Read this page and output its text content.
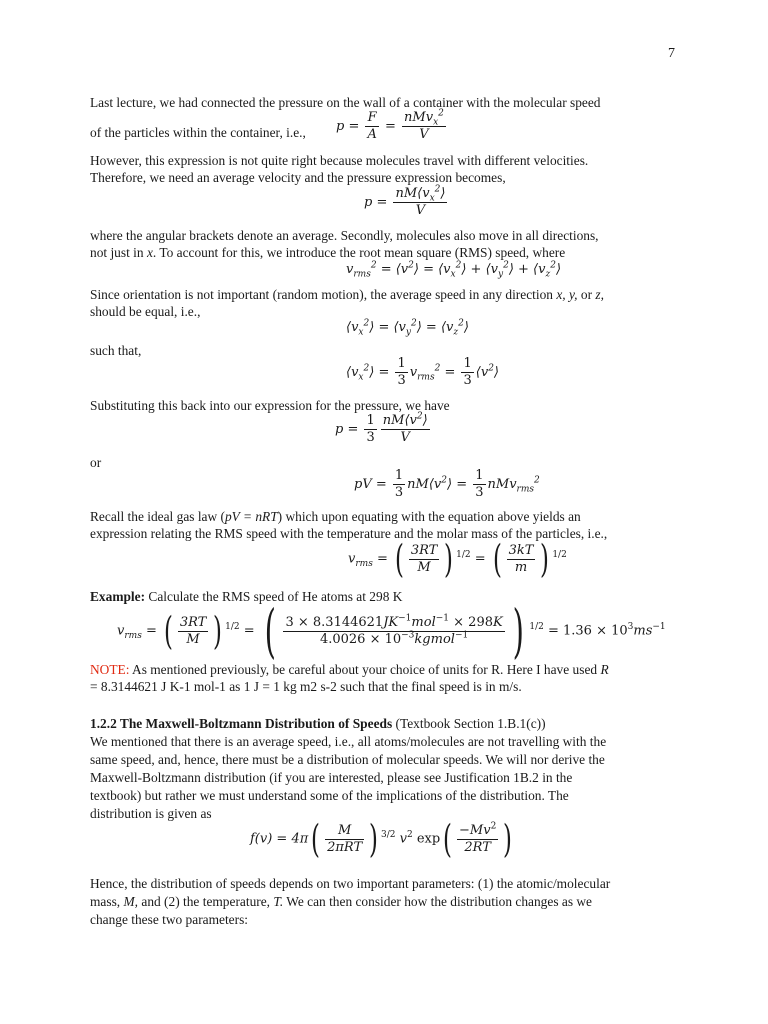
7
Last lecture, we had connected the pressure on the wall of a container with the molecular speed
of the particles within the container, i.e., $p = \frac{F}{A} = \frac{nMv_x^2}{V}$
However, this expression is not quite right because molecules travel with different velocities.
Therefore, we need an average velocity and the pressure expression becomes,
$p = \frac{nM⟨v_x^2⟩}{V}$
where the angular brackets denote an average. Secondly, molecules also move in all directions,
not just in x. To account for this, we introduce the root mean square (RMS) speed, where
$v_{rms}^2$ = $⟨v^2⟩$ = $⟨v_x^2⟩$ + $⟨v_y^2⟩$ + $⟨v_z^2⟩$
Since orientation is not important (random motion), the average speed in any direction x, y, or z,
should be equal, i.e.,
$⟨v_x^2⟩$ = $⟨v_y^2⟩$ = $⟨v_z^2⟩$
such that,
$⟨v_x^2⟩ = \frac{1}{3} v_{rms}^2 = \frac{1}{3}$ $⟨v^2⟩$
Substituting this back into our expression for the pressure, we have
$p = \frac{1}{3} \frac{nM⟨v^2⟩}{V}$
or
pV = $\frac{1}{3}$ $nM⟨v^2⟩ = \frac{1}{3} nMv_{rms}^2$
Recall the ideal gas law (pV = nRT) which upon equating with the equation above yields an
expression relating the RMS speed with the temperature and the molar mass of the particles, i.e.,
$v_{rms}$ = ( $\frac{3RT}{M}$ ) $^{1/2}$ = ( $\frac{3kT}{m}$ ) $^{1/2}$
Example: Calculate the RMS speed of He atoms at 298 K
$v_{rms}$ = ( $\frac{3RT}{M}$ ) $^{1/2}$ = ( $\frac{3 \times 8.3144621JK^{-1}mol^{-1} \times 298K}{4.0026 \times 10^{-3}kgmol^{-1}}$ ) $^{1/2} = 1.36 \times 10^3ms^{-1}$
NOTE: As mentioned previously, be careful about your choice of units for R. Here I have used R
= 8.3144621 J K-1 mol-1 as 1 J = 1 kg m2 s-2 such that the final speed is in m/s.
1.2.2 The Maxwell-Boltzmann Distribution of Speeds (Textbook Section 1.B.1(c))
We mentioned that there is an average speed, i.e., all atoms/molecules are not travelling with the
same speed, and, hence, there must be a distribution of molecular speeds. We will nor derive the
Maxwell-Boltzmann distribution (if you are interested, please see Justification 1B.2 in the
textbook) but rather we must understand some of the implications of the distribution. The
distribution is given as
$f(v) = 4\pi( \frac{M}{\text{2πRT}}$ ) $^{3/2}$ $v^2$ $\exp( \frac{-Mv^2}{2RT}$ )
Hence, the distribution of speeds depends on two important parameters: (1) the atomic/molecular
mass, M, and (2) the temperature, T. We can then consider how the distribution changes as we
change these two parameters:
